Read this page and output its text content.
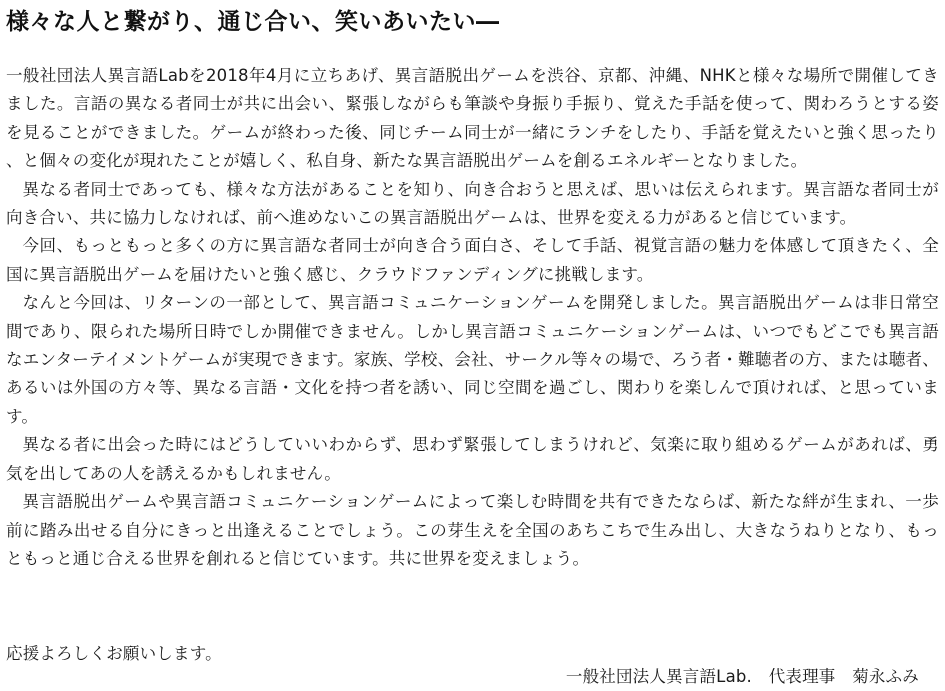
様々な人と繋がり、通じ合い、笑いあいたい―

一般社団法人異言語Labを2018年4月に立ちあげ、異言語脱出ゲームを渋谷、京都、沖縄、NHKと様々な場所で開催してきました。言語の異なる者同士が共に出会い、緊張しながらも筆談や身振り手振り、覚えた手話を使って、関わろうとする姿を見ることができました。ゲームが終わった後、同じチーム同士が一緒にランチをしたり、手話を覚えたいと強く思ったり、と個々の変化が現れたことが嬉しく、私自身、新たな異言語脱出ゲームを創るエネルギーとなりました。

異なる者同士であっても、様々な方法があることを知り、向き合おうと思えば、思いは伝えられます。異言語な者同士が向き合い、共に協力しなければ、前へ進めないこの異言語脱出ゲームは、世界を変える力があると信じています。

今回、もっともっと多くの方に異言語な者同士が向き合う面白さ、そして手話、視覚言語の魅力を体感して頂きたく、全国に異言語脱出ゲームを届けたいと強く感じ、クラウドファンディングに挑戦します。

なんと今回は、リターンの一部として、異言語コミュニケーションゲームを開発しました。異言語脱出ゲームは非日常空間であり、限られた場所日時でしか開催できません。しかし異言語コミュニケーションゲームは、いつでもどこでも異言語なエンターテイメントゲームが実現できます。家族、学校、会社、サークル等々の場で、ろう者・難聴者の方、または聴者、あるいは外国の方々等、異なる言語・文化を持つ者を誘い、同じ空間を過ごし、関わりを楽しんで頂ければ、と思っています。

異なる者に出会った時にはどうしていいわからず、思わず緊張してしまうけれど、気楽に取り組めるゲームがあれば、勇気を出してあの人を誘えるかもしれません。

異言語脱出ゲームや異言語コミュニケーションゲームによって楽しむ時間を共有できたならば、新たな絆が生まれ、一歩前に踏み出せる自分にきっと出逢えることでしょう。この芽生えを全国のあちこちで生み出し、大きなうねりとなり、もっともっと通じ合える世界を創れると信じています。共に世界を変えましょう。

応援よろしくお願いします。

一般社団法人異言語Lab.　代表理事　菊永ふみ
